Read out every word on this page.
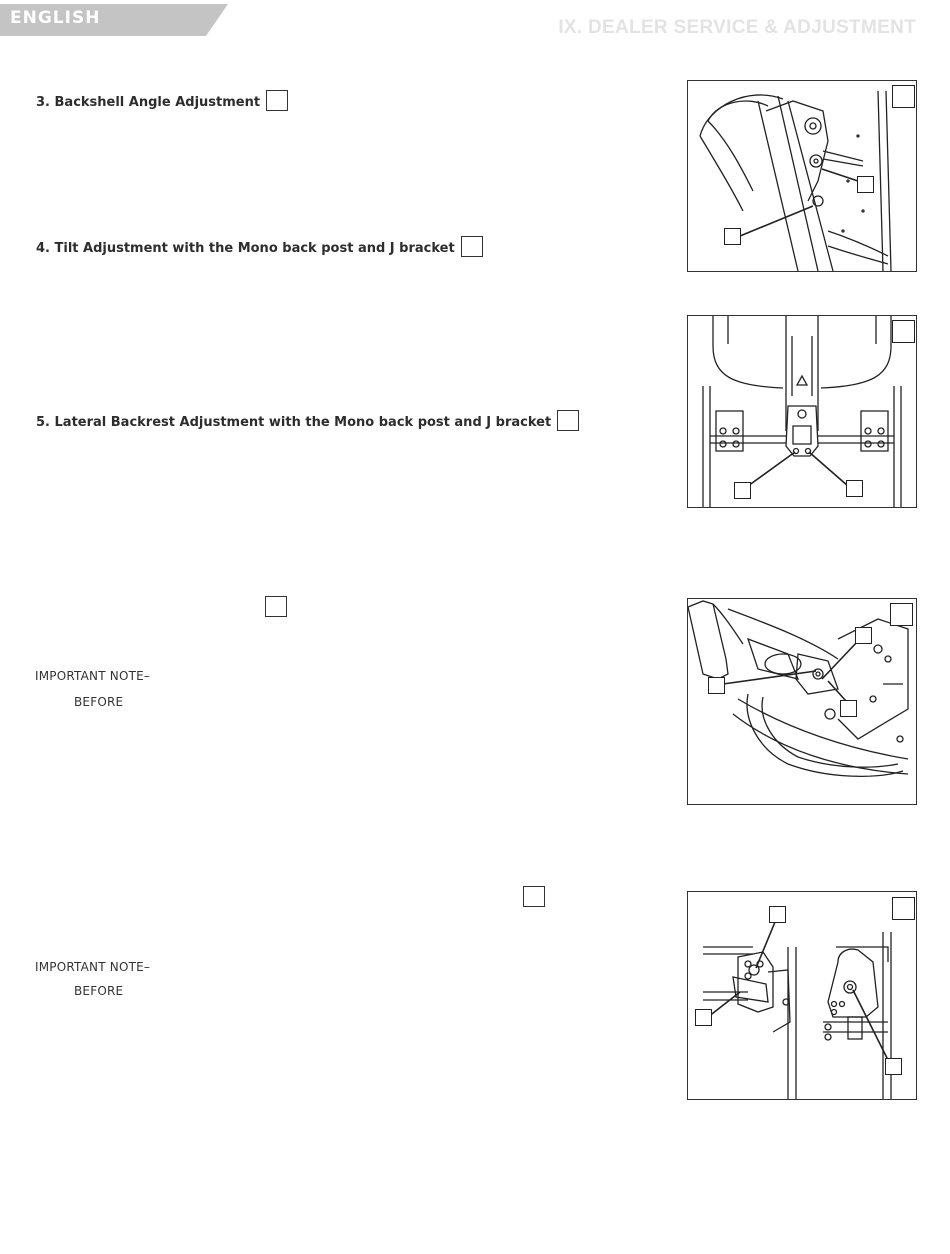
ENGLISH	IX. DEALER SERVICE & ADJUSTMENT
3. Backshell Angle Adjustment
4. Tilt Adjustment with the Mono back post and J bracket
5. Lateral Backrest Adjustment with the Mono back post and J bracket
IMPORTANT NOTE–
BEFORE
IMPORTANT NOTE–
BEFORE
